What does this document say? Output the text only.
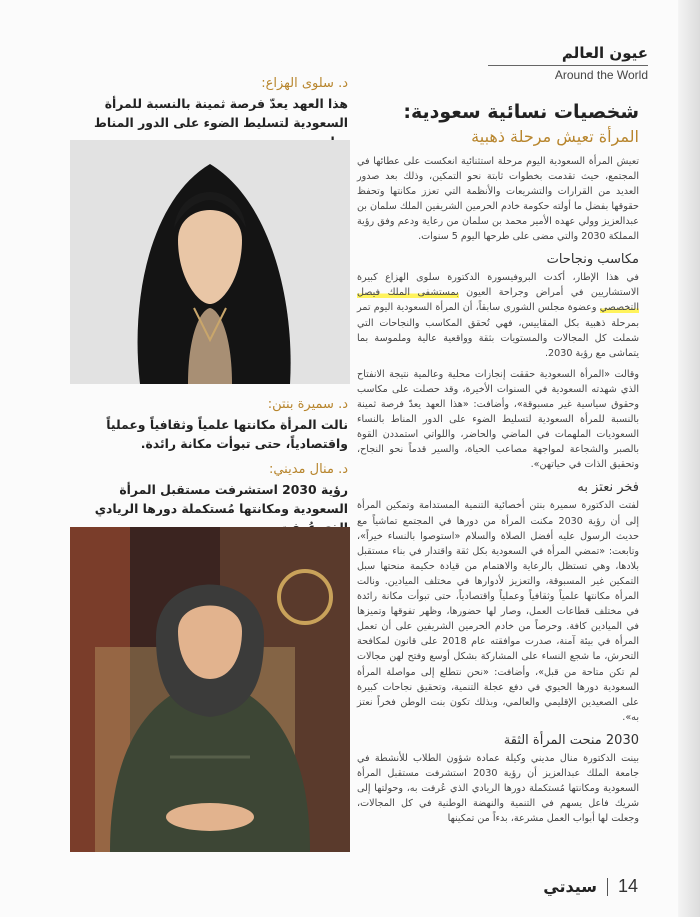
عيون العالم
Around the World
شخصيات نسائية سعودية:
المرأة تعيش مرحلة ذهبية

تعيش المرأة السعودية اليوم مرحلة استثنائية انعكست على عطائها في المجتمع، حيث تقدمت بخطوات ثابتة نحو التمكين، وذلك بعد صدور العديد من القرارات والتشريعات والأنظمة التي تعزز مكانتها وتحفظ حقوقها بفضل ما أولته حكومة خادم الحرمين الشريفين الملك سلمان بن عبدالعزيز وولي عهده الأمير محمد بن سلمان من رعاية ودعم وفق رؤية المملكة 2030 والتي مضى على طرحها اليوم 5 سنوات.

مكاسب ونجاحات

في هذا الإطار، أكدت البروفيسورة الدكتورة سلوى الهزاع كبيرة الاستشاريين في أمراض وجراحة العيون بمستشفى الملك فيصل التخصصي وعضوة مجلس الشورى سابقاً، أن المرأة السعودية اليوم تمر بمرحلة ذهبية بكل المقاييس، فهي تُحقق المكاسب والنجاحات التي شملت كل المجالات والمستويات بثقة وواقعية عالية وملموسة بما يتماشى مع رؤية 2030.

وقالت «المرأة السعودية حققت إنجازات محلية وعالمية نتيجة الانفتاح الذي شهدته السعودية في السنوات الأخيرة، وقد حصلت على مكاسب وحقوق سياسية غير مسبوقة»، وأضافت: «هذا العهد يعدّ فرصة ثمينة بالنسبة للمرأة السعودية لتسليط الضوء على الدور المناط بالنساء السعوديات الملهمات في الماضي والحاضر، واللواتي استمددن القوة بالصبر والشجاعة لمواجهة مصاعب الحياة، والسير قدماً نحو النجاح، وتحقيق الذات في حياتهن».

فخر نعتز به

لفتت الدكتورة سميرة بنتن أخصائية التنمية المستدامة وتمكين المرأة إلى أن رؤية 2030 مكنت المرأة من دورها في المجتمع تماشياً مع حديث الرسول عليه أفضل الصلاة والسلام «استوصوا بالنساء خيراً»، وتابعت: «تمضي المرأة في السعودية بكل ثقة واقتدار في بناء مستقبل بلادها، وهي تستظل بالرعاية والاهتمام من قيادة حكيمة منحتها سبل التمكين غير المسبوقة، والتعزيز لأدوارها في مختلف الميادين. ونالت المرأة مكانتها علمياً وثقافياً وعملياً واقتصادياً، حتى تبوأت مكانة رائدة في مختلف قطاعات العمل، وصار لها حضورها، وظهر تفوقها وتميزها في الميادين كافة. وحرصاً من خادم الحرمين الشريفين على أن تعمل المرأة في بيئة آمنة، صدرت موافقته عام 2018 على قانون لمكافحة التحرش، ما شجع النساء على المشاركة بشكل أوسع وفتح لهن مجالات لم تكن متاحة من قبل»، وأضافت: «نحن نتطلع إلى مواصلة المرأة السعودية دورها الحيوي في دفع عجلة التنمية، وتحقيق نجاحات كبيرة على الصعيدين الإقليمي والعالمي، وبذلك تكون بنت الوطن فخراً نعتز به».

2030 منحت المرأة الثقة

بينت الدكتورة منال مديني وكيلة عمادة شؤون الطلاب للأنشطة في جامعة الملك عبدالعزيز أن رؤية 2030 استشرفت مستقبل المرأة السعودية ومكانتها مُستكملة دورها الريادي الذي عُرفت به، وحولتها إلى شريك فاعل يسهم في التنمية والنهضة الوطنية في كل المجالات، وجعلت لها أبواب العمل مشرعة، بدءاً من تمكينها

د. سلوى الهزاع:

هذا العهد يعدّ فرصة ثمينة بالنسبة للمرأة السعودية لتسليط الضوء على الدور المناط

د. سميرة بنتن:

نالت المرأة مكانتها علمياً وثقافياً وعملياً واقتصادياً، حتى تبوأت مكانة رائدة.

د. منال مديني:

رؤية 2030 استشرفت مستقبل المرأة السعودية ومكانتها مُستكملة دورها الريادي

14
سيدتي
